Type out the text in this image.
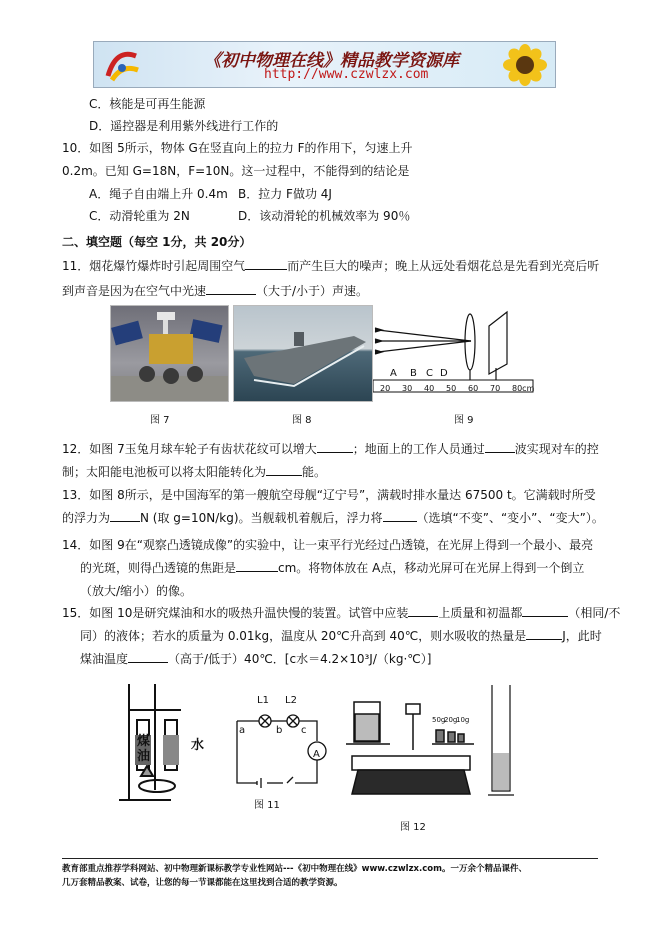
《初中物理在线》精品教学资源库
http://www.czwlzx.com
C．核能是可再生能源
D．遥控器是利用紫外线进行工作的
10．如图 5所示，物体 G在竖直向上的拉力 F的作用下，匀速上升
0.2m。已知 G=18N，F=10N。这一过程中，不能得到的结论是
A．绳子自由端上升 0.4m B．拉力 F做功 4J
C．动滑轮重为 2N	D．该动滑轮的机械效率为 90％
二、填空题（每空 1分，共 20分）
11．烟花爆竹爆炸时引起周围空气	而产生巨大的噪声；晚上从远处看烟花总是先看到光亮后听
到声音是因为在空气中光速	（大于/小于）声速。
A B C D
20 30 40 50 60 70 80cm
图 7	图 8	图 9
12．如图 7玉兔月球车轮子有齿状花纹可以增大	；地面上的工作人员通过	波实现对车的控
制；太阳能电池板可以将太阳能转化为	能。
13．如图 8所示，是中国海军的第一艘航空母舰“辽宁号”，满载时排水量达 67500 t。它满载时所受
的浮力为	N (取 g=10N/kg)。当舰载机着舰后，浮力将	（选填“不变”、“变小”、“变大”）。
14．如图 9在“观察凸透镜成像”的实验中，让一束平行光经过凸透镜，在光屏上得到一个最小、最亮
的光斑，则得凸透镜的焦距是	cm。将物体放在 A点，移动光屏可在光屏上得到一个倒立
（放大/缩小）的像。
15．如图 10是研究煤油和水的吸热升温快慢的装置。试管中应装	上质量和初温都	（相同/不
同）的液体；若水的质量为 0.01kg，温度从 20℃升高到 40℃，则水吸收的热量是	J，此时
煤油温度	（高于/低于）40℃．[c水＝4.2×10³J/（kg·℃）]
煤油
水
L1 L2
a	b c
A
图 11
50g
20g
10g
图 12
教育部重点推荐学科网站、初中物理新课标教学专业性网站---《初中物理在线》www.czwlzx.com。一万余个精品课件、
几万套精品教案、试卷，让您的每一节课都能在这里找到合适的教学资源。
